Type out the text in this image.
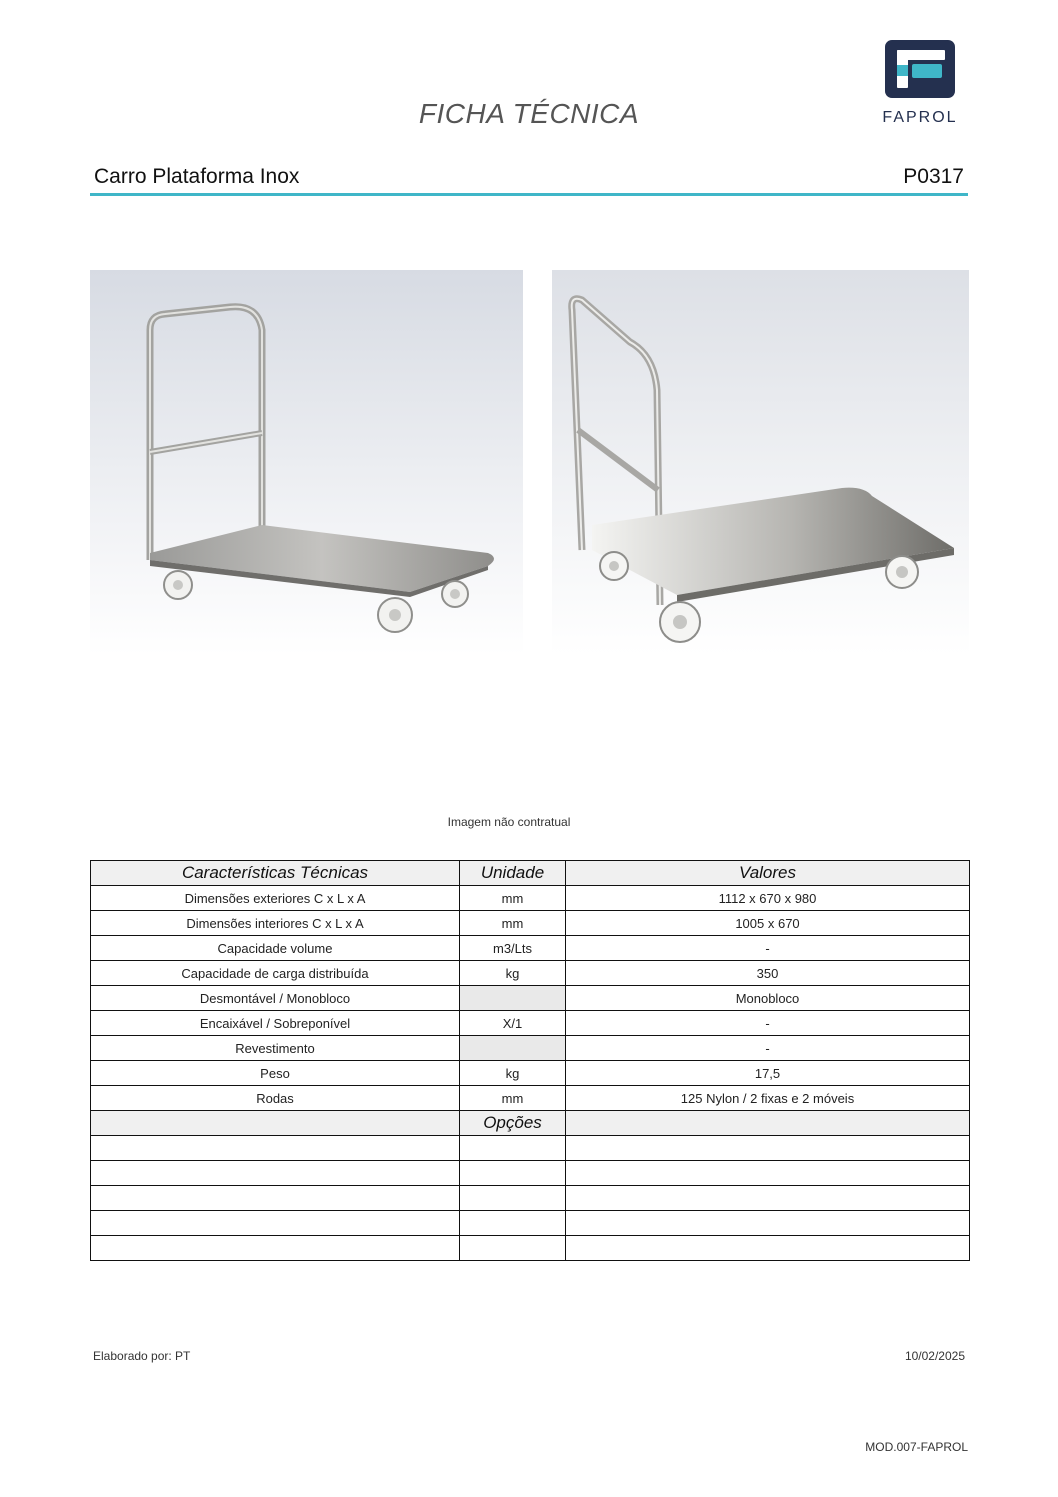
FICHA TÉCNICA	FAPROL
Carro Plataforma Inox	P0317
Imagem não contratual
Características Técnicas	Unidade	Valores
Dimensões exteriores C x L x A	mm	1112 x 670 x 980
Dimensões interiores C x L x A	mm	1005 x 670
Capacidade volume	m3/Lts	-
Capacidade de carga distribuída	kg	350
Desmontável / Monobloco		Monobloco
Encaixável / Sobreponível	X/1	-
Revestimento		-
Peso	kg	17,5
Rodas	mm	125 Nylon / 2 fixas e 2 móveis
	Opções	

Elaborado por: PT	10/02/2025
MOD.007-FAPROL
